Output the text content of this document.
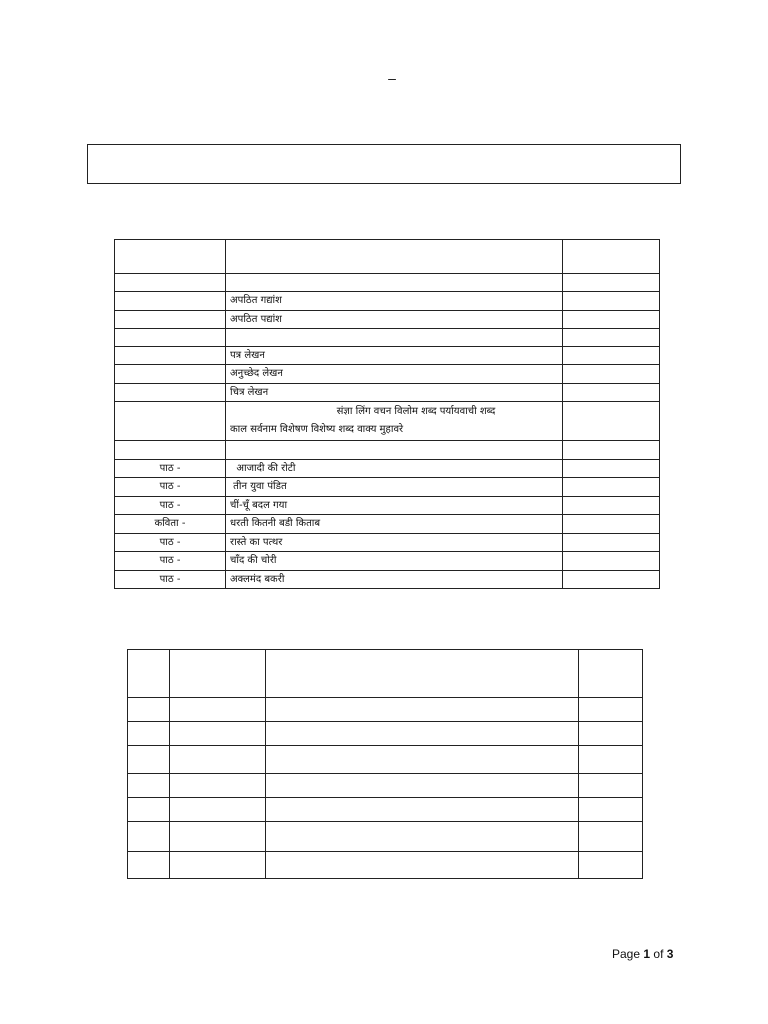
–

	अपठित गद्यांश	
	अपठित पद्यांश	

	पत्र लेखन	
	अनुच्छेद लेखन	
	चित्र लेखन	

	संज्ञा लिंग वचन विलोम शब्द पर्यायवाची शब्द
काल सर्वनाम विशेषण विशेष्य शब्द वाक्य मुहावरे	

पाठ -	आजादी की रोटी	
पाठ -	तीन युवा पंडित	
पाठ -	चीं-चूँ बदल गया	
कविता -	धरती कितनी बडी किताब	
पाठ -	रास्ते का पत्थर	
पाठ -	चाँद की चोरी	
पाठ -	अक्लमंद बकरी	

Page 1 of 3
